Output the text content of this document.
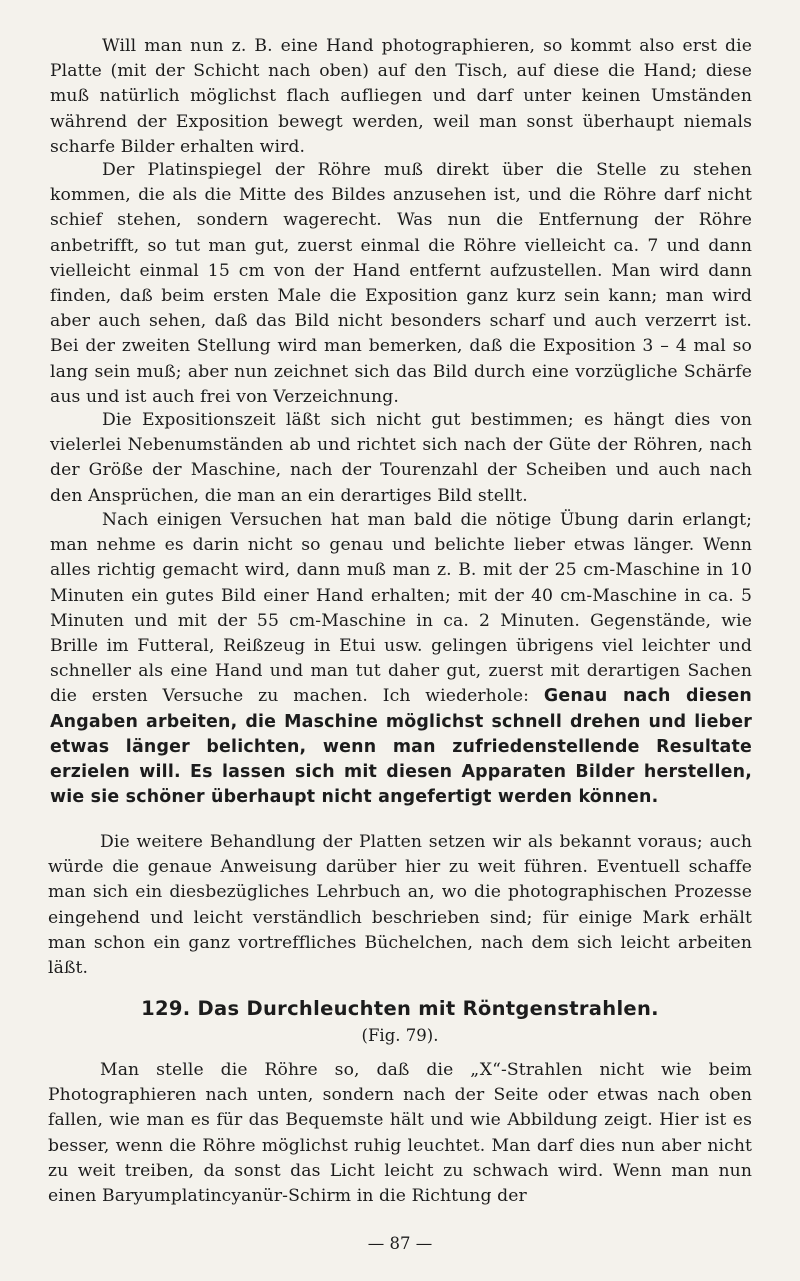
Will man nun z. B. eine Hand photographieren, so kommt also erst die Platte (mit der Schicht nach oben) auf den Tisch, auf diese die Hand; diese muß natürlich möglichst flach aufliegen und darf unter keinen Umständen während der Exposition bewegt werden, weil man sonst überhaupt niemals scharfe Bilder erhalten wird.

Der Platinspiegel der Röhre muß direkt über die Stelle zu stehen kommen, die als die Mitte des Bildes anzusehen ist, und die Röhre darf nicht schief stehen, sondern wagerecht. Was nun die Entfernung der Röhre anbetrifft, so tut man gut, zuerst einmal die Röhre vielleicht ca. 7 und dann vielleicht einmal 15 cm von der Hand entfernt aufzustellen. Man wird dann finden, daß beim ersten Male die Exposition ganz kurz sein kann; man wird aber auch sehen, daß das Bild nicht besonders scharf und auch verzerrt ist. Bei der zweiten Stellung wird man bemerken, daß die Exposition 3 – 4 mal so lang sein muß; aber nun zeichnet sich das Bild durch eine vorzügliche Schärfe aus und ist auch frei von Verzeichnung.

Die Expositionszeit läßt sich nicht gut bestimmen; es hängt dies von vielerlei Nebenumständen ab und richtet sich nach der Güte der Röhren, nach der Größe der Maschine, nach der Tourenzahl der Scheiben und auch nach den Ansprüchen, die man an ein derartiges Bild stellt.

Nach einigen Versuchen hat man bald die nötige Übung darin erlangt; man nehme es darin nicht so genau und belichte lieber etwas länger. Wenn alles richtig gemacht wird, dann muß man z. B. mit der 25 cm-Maschine in 10 Minuten ein gutes Bild einer Hand erhalten; mit der 40 cm-Maschine in ca. 5 Minuten und mit der 55 cm-Maschine in ca. 2 Minuten. Gegenstände, wie Brille im Futteral, Reißzeug in Etui usw. gelingen übrigens viel leichter und schneller als eine Hand und man tut daher gut, zuerst mit derartigen Sachen die ersten Versuche zu machen. Ich wiederhole: Genau nach diesen Angaben arbeiten, die Maschine möglichst schnell drehen und lieber etwas länger belichten, wenn man zufriedenstellende Resultate erzielen will. Es lassen sich mit diesen Apparaten Bilder herstellen, wie sie schöner überhaupt nicht angefertigt werden können.

Die weitere Behandlung der Platten setzen wir als bekannt voraus; auch würde die genaue Anweisung darüber hier zu weit führen. Eventuell schaffe man sich ein diesbezügliches Lehrbuch an, wo die photographischen Prozesse eingehend und leicht verständlich beschrieben sind; für einige Mark erhält man schon ein ganz vortreffliches Büchelchen, nach dem sich leicht arbeiten läßt.

129. Das Durchleuchten mit Röntgenstrahlen.

(Fig. 79).

Man stelle die Röhre so, daß die „X“-Strahlen nicht wie beim Photographieren nach unten, sondern nach der Seite oder etwas nach oben fallen, wie man es für das Bequemste hält und wie Abbildung zeigt. Hier ist es besser, wenn die Röhre möglichst ruhig leuchtet. Man darf dies nun aber nicht zu weit treiben, da sonst das Licht leicht zu schwach wird. Wenn man nun einen Baryumplatincyanür-Schirm in die Richtung der

— 87 —
